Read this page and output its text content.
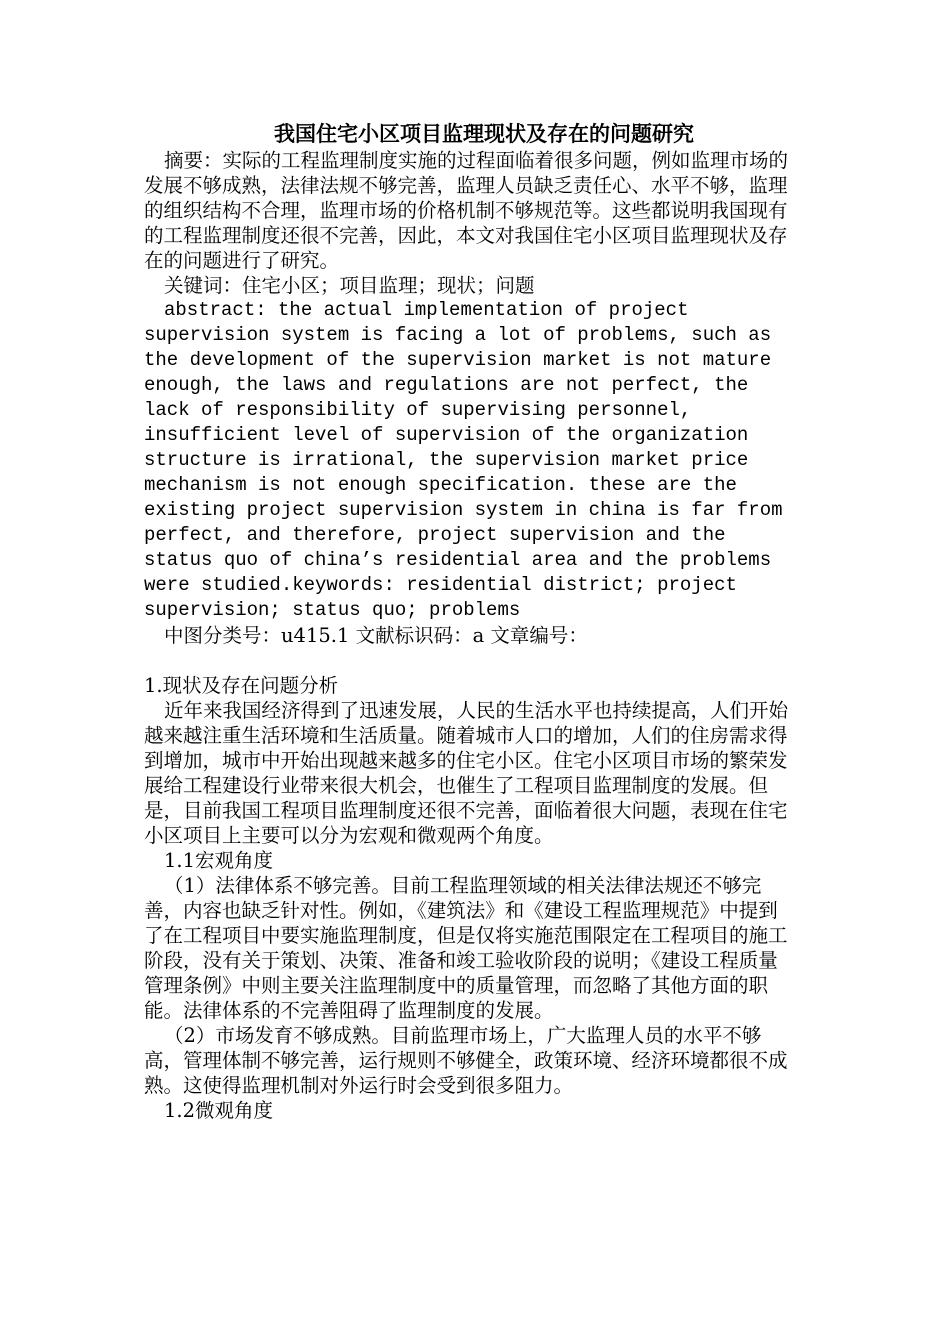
我国住宅小区项目监理现状及存在的问题研究

摘要：实际的工程监理制度实施的过程面临着很多问题，例如监理市场的发展不够成熟，法律法规不够完善，监理人员缺乏责任心、水平不够，监理的组织结构不合理，监理市场的价格机制不够规范等。这些都说明我国现有的工程监理制度还很不完善，因此，本文对我国住宅小区项目监理现状及存在的问题进行了研究。

关键词：住宅小区；项目监理；现状；问题

abstract: the actual implementation of project supervision system is facing a lot of problems, such as the development of the supervision market is not mature enough, the laws and regulations are not perfect, the lack of responsibility of supervising personnel, insufficient level of supervision of the organization structure is irrational, the supervision market price mechanism is not enough specification. these are the existing project supervision system in china is far from perfect, and therefore, project supervision and the status quo of china’s residential area and the problems were studied.keywords: residential district; project supervision; status quo; problems

中图分类号：u415.1 文献标识码：a 文章编号：

1.现状及存在问题分析

近年来我国经济得到了迅速发展，人民的生活水平也持续提高，人们开始越来越注重生活环境和生活质量。随着城市人口的增加，人们的住房需求得到增加，城市中开始出现越来越多的住宅小区。住宅小区项目市场的繁荣发展给工程建设行业带来很大机会，也催生了工程项目监理制度的发展。但是，目前我国工程项目监理制度还很不完善，面临着很大问题，表现在住宅小区项目上主要可以分为宏观和微观两个角度。

1.1宏观角度

（1）法律体系不够完善。目前工程监理领域的相关法律法规还不够完善，内容也缺乏针对性。例如，《建筑法》和《建设工程监理规范》中提到了在工程项目中要实施监理制度，但是仅将实施范围限定在工程项目的施工阶段，没有关于策划、决策、准备和竣工验收阶段的说明；《建设工程质量管理条例》中则主要关注监理制度中的质量管理，而忽略了其他方面的职能。法律体系的不完善阻碍了监理制度的发展。

（2）市场发育不够成熟。目前监理市场上，广大监理人员的水平不够高，管理体制不够完善，运行规则不够健全，政策环境、经济环境都很不成熟。这使得监理机制对外运行时会受到很多阻力。

1.2微观角度
